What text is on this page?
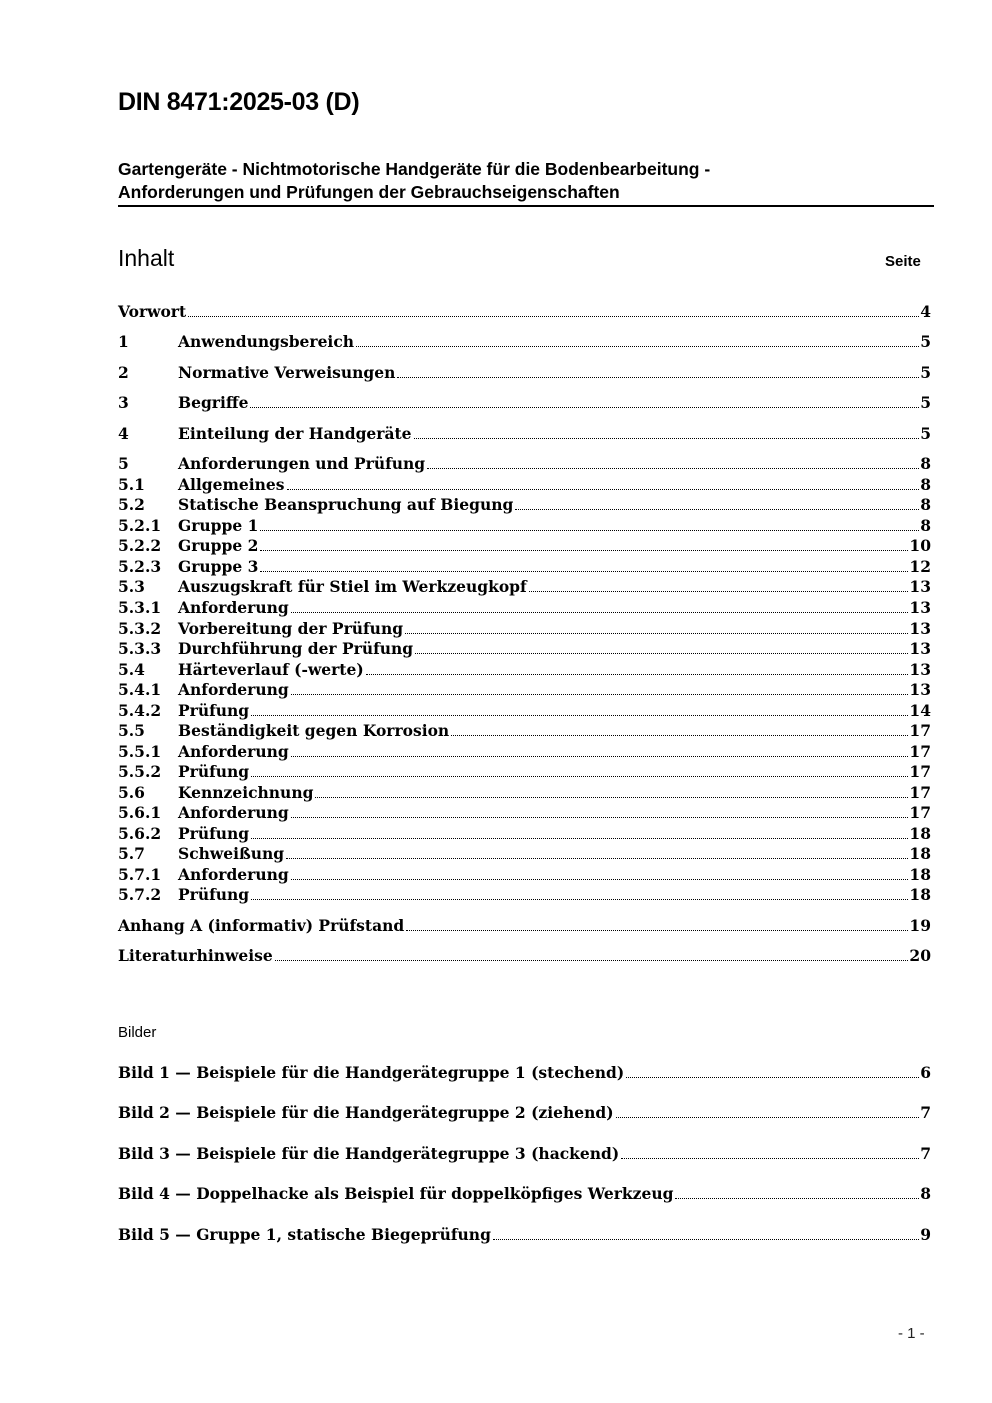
DIN 8471:2025-03 (D)
Gartengeräte - Nichtmotorische Handgeräte für die Bodenbearbeitung -
Anforderungen und Prüfungen der Gebrauchseigenschaften
Inhalt	Seite
Vorwort	4
1	Anwendungsbereich	5
2	Normative Verweisungen	5
3	Begriffe	5
4	Einteilung der Handgeräte	5
5	Anforderungen und Prüfung	8
5.1	Allgemeines	8
5.2	Statische Beanspruchung auf Biegung	8
5.2.1	Gruppe 1	8
5.2.2	Gruppe 2	10
5.2.3	Gruppe 3	12
5.3	Auszugskraft für Stiel im Werkzeugkopf	13
5.3.1	Anforderung	13
5.3.2	Vorbereitung der Prüfung	13
5.3.3	Durchführung der Prüfung	13
5.4	Härteverlauf (-werte)	13
5.4.1	Anforderung	13
5.4.2	Prüfung	14
5.5	Beständigkeit gegen Korrosion	17
5.5.1	Anforderung	17
5.5.2	Prüfung	17
5.6	Kennzeichnung	17
5.6.1	Anforderung	17
5.6.2	Prüfung	18
5.7	Schweißung	18
5.7.1	Anforderung	18
5.7.2	Prüfung	18
Anhang A (informativ) Prüfstand	19
Literaturhinweise	20
Bilder
Bild 1 — Beispiele für die Handgerätegruppe 1 (stechend)	6
Bild 2 — Beispiele für die Handgerätegruppe 2 (ziehend)	7
Bild 3 — Beispiele für die Handgerätegruppe 3 (hackend)	7
Bild 4 — Doppelhacke als Beispiel für doppelköpfiges Werkzeug	8
Bild 5 — Gruppe 1, statische Biegeprüfung	9
- 1 -
